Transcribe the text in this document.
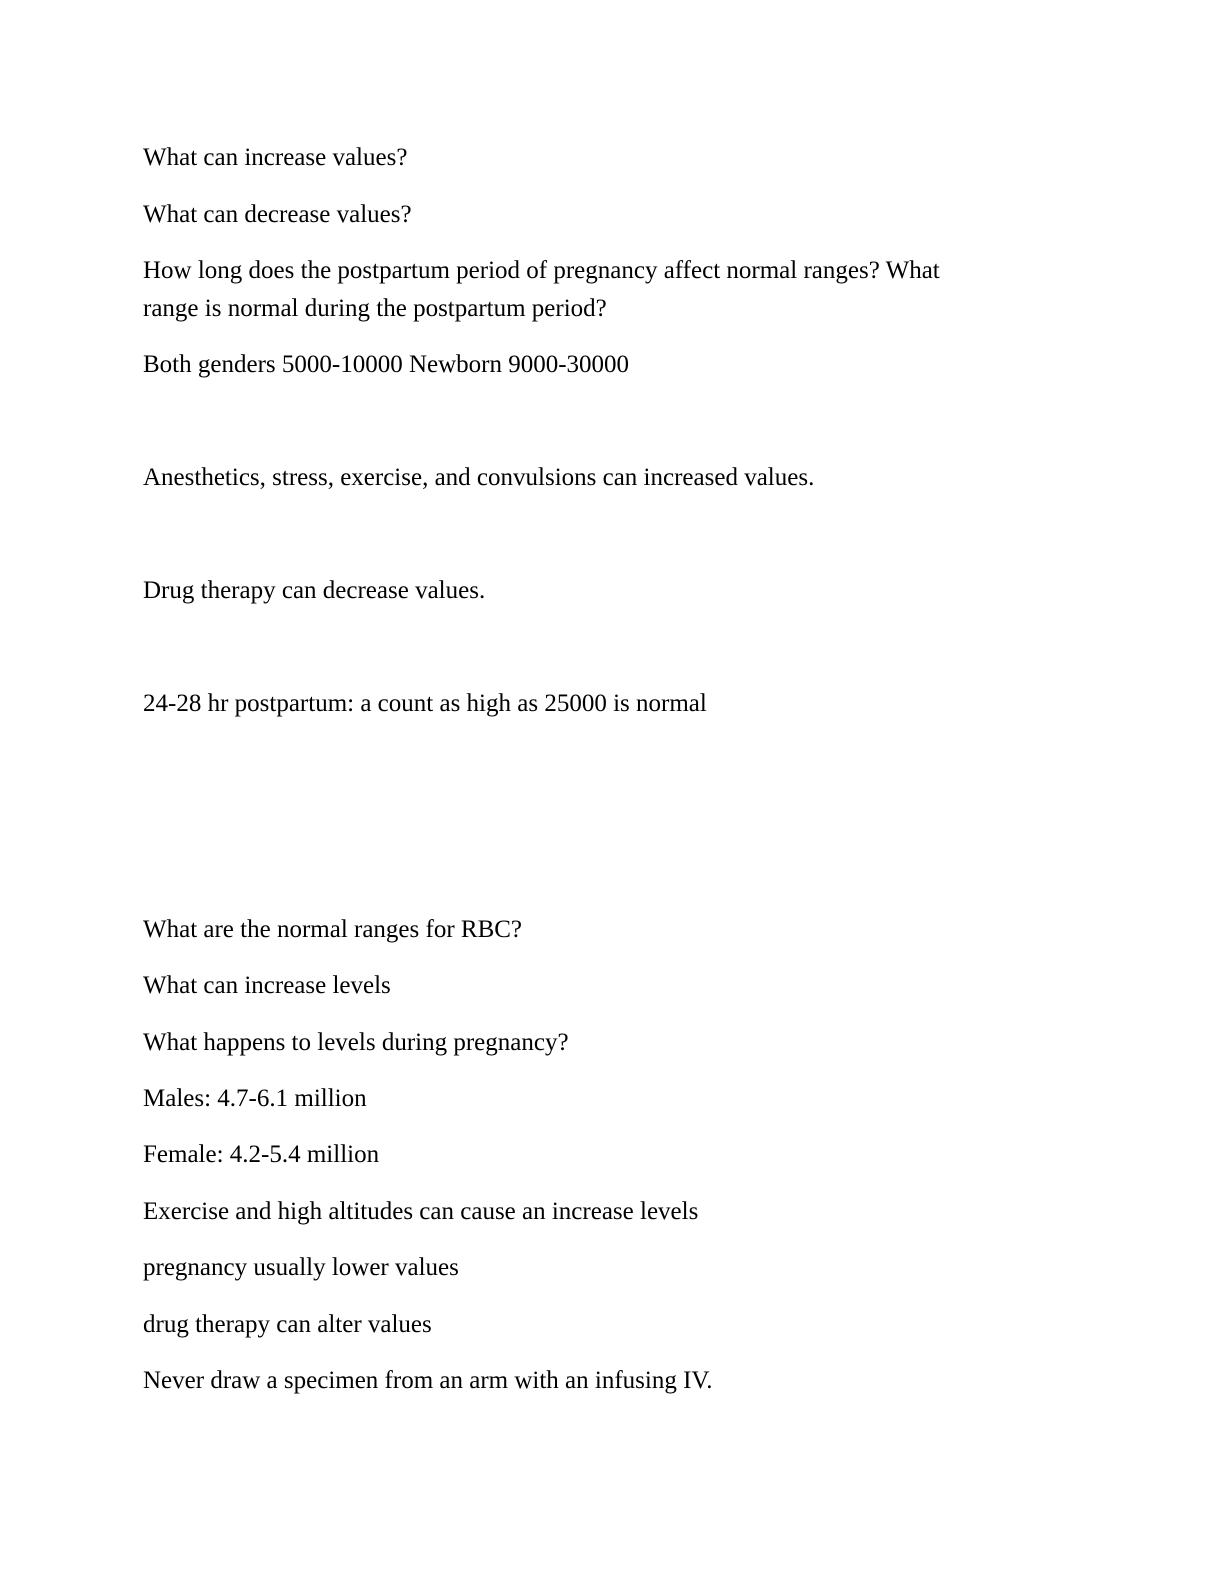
What can increase values?

What can decrease values?

How long does the postpartum period of pregnancy affect normal ranges? What

range is normal during the postpartum period?

Both genders 5000-10000 Newborn 9000-30000

Anesthetics, stress, exercise, and convulsions can increased values.

Drug therapy can decrease values.

24-28 hr postpartum: a count as high as 25000 is normal

What are the normal ranges for RBC?

What can increase levels

What happens to levels during pregnancy?

Males: 4.7-6.1 million

Female: 4.2-5.4 million

Exercise and high altitudes can cause an increase levels

pregnancy usually lower values

drug therapy can alter values

Never draw a specimen from an arm with an infusing IV.
